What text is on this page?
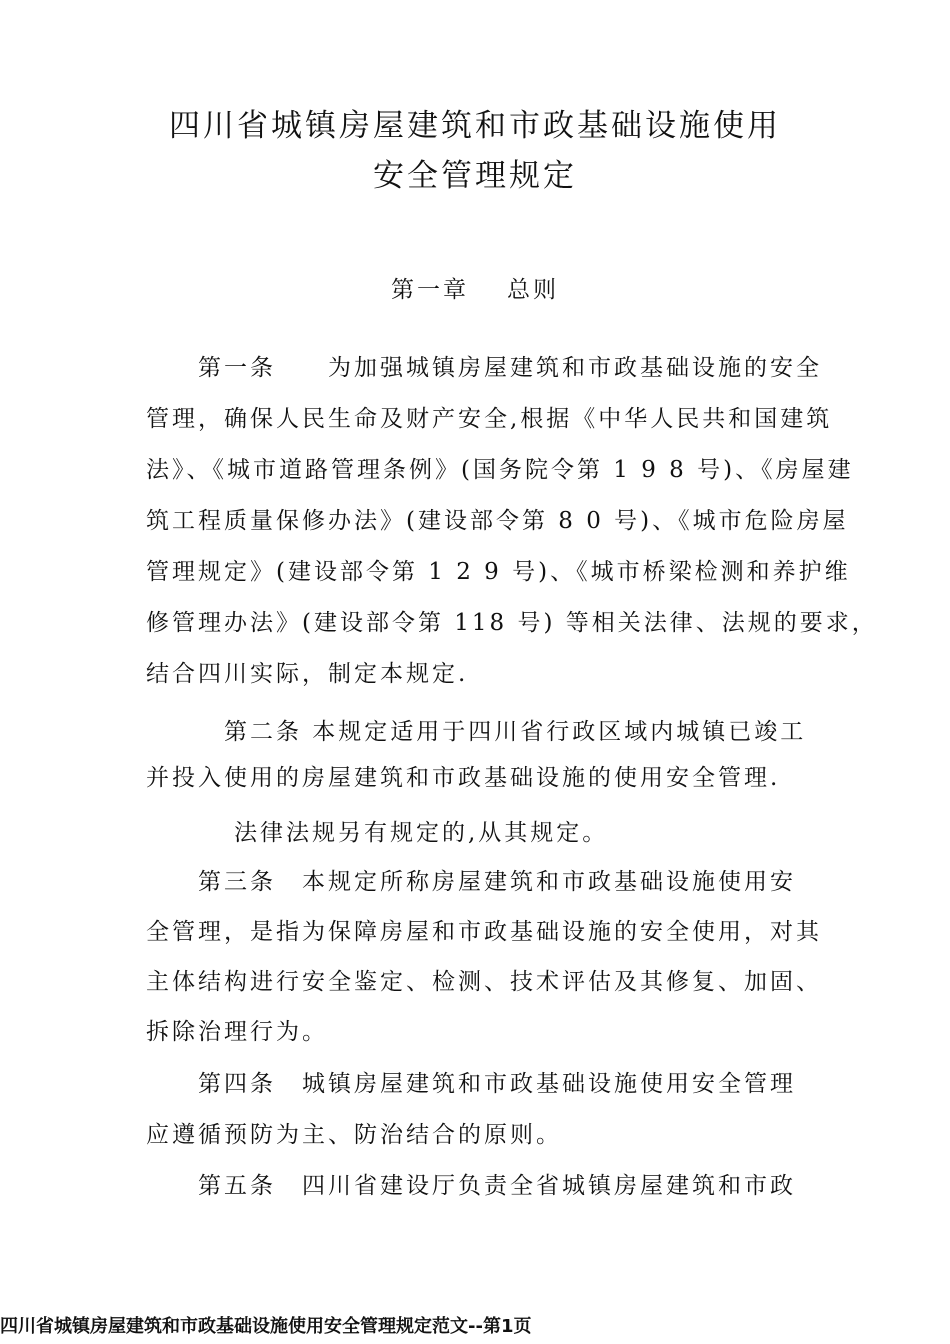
四川省城镇房屋建筑和市政基础设施使用
安全管理规定
第一章 总则
第一条　　为加强城镇房屋建筑和市政基础设施的安全
管理，确保人民生命及财产安全,根据《中华人民共和国建筑
法》、《城市道路管理条例》(国务院令第 1 9 8 号)、《房屋建
筑工程质量保修办法》(建设部令第 8 0 号)、《城市危险房屋
管理规定》(建设部令第 1 2 9 号)、《城市桥梁检测和养护维
修管理办法》(建设部令第 118 号) 等相关法律、法规的要求，
结合四川实际，制定本规定.
第二条 本规定适用于四川省行政区域内城镇已竣工
并投入使用的房屋建筑和市政基础设施的使用安全管理.
法律法规另有规定的,从其规定。
第三条　本规定所称房屋建筑和市政基础设施使用安
全管理，是指为保障房屋和市政基础设施的安全使用，对其
主体结构进行安全鉴定、检测、技术评估及其修复、加固、
拆除治理行为。
第四条　城镇房屋建筑和市政基础设施使用安全管理
应遵循预防为主、防治结合的原则。
第五条　四川省建设厅负责全省城镇房屋建筑和市政
四川省城镇房屋建筑和市政基础设施使用安全管理规定范文--第1页
